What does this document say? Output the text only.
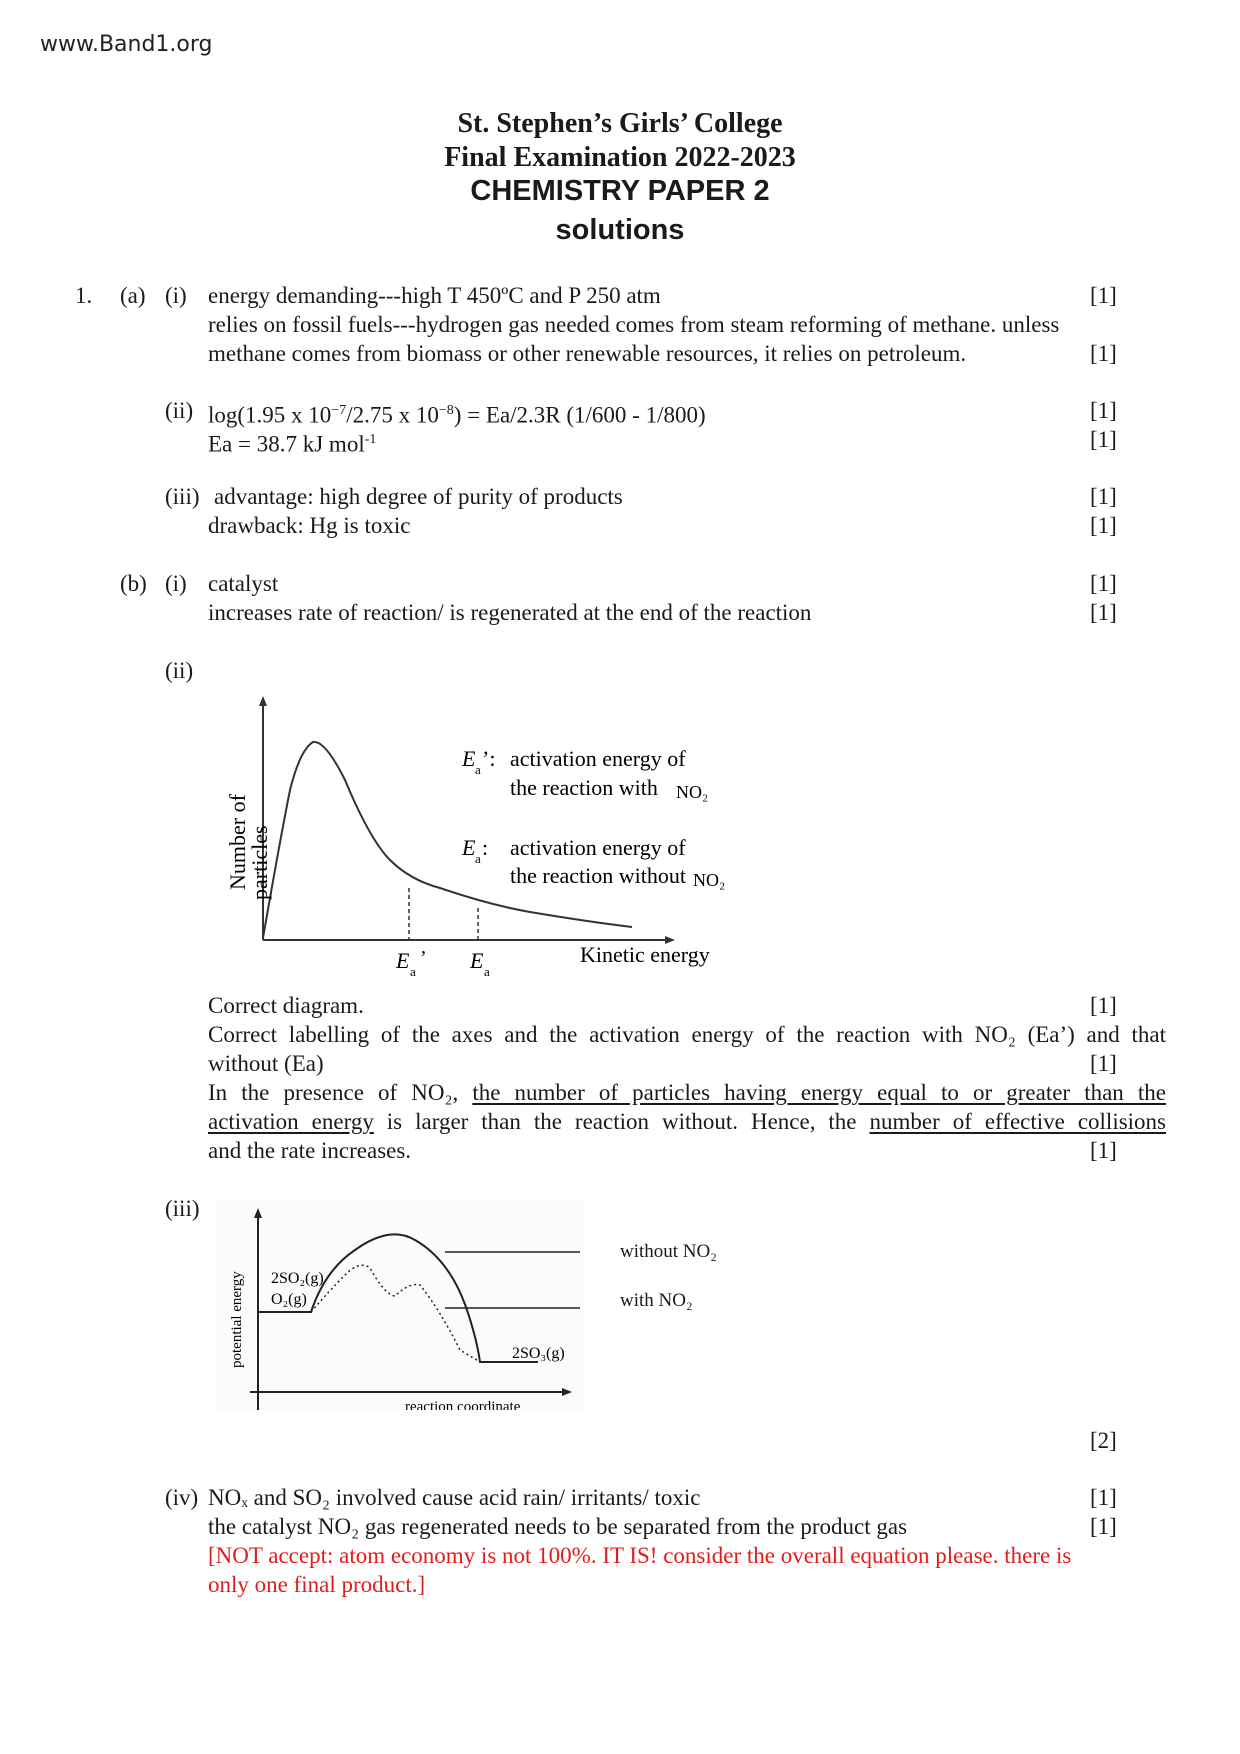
www.Band1.org
St. Stephen’s Girls’ College
Final Examination 2022-2023
CHEMISTRY PAPER 2
solutions
1. (a) (i) energy demanding---high T 450ºC and P 250 atm	[1]
relies on fossil fuels---hydrogen gas needed comes from steam reforming of methane. unless
methane comes from biomass or other renewable resources, it relies on petroleum.	[1]
(ii) log(1.95 x $10^{-7}/2.75$ x $10^{-8}) = Ea/2.3R$ (1/600 - 1/800)	[1]
Ea = 38.7 kJ mol$^{-1}$	[1]
(iii) advantage: high degree of purity of products	[1]
drawback: Hg is toxic	[1]
(b) (i) catalyst	[1]
increases rate of reaction/ is regenerated at the end of the reaction	[1]
(ii)
Number of
particles
E a
’ E a
Kinetic energy
E a ’: activation energy of
the reaction with NO₂
E a : activation energy of
the reaction without NO₂
Correct diagram.	[1]
Correct labelling of the axes and the activation energy of the reaction with NO₂ (Ea’) and that
without (Ea)	[1]
In the presence of NO₂, the number of particles having energy equal to or greater than the
activation energy is larger than the reaction without. Hence, the number of effective collisions
and the rate increases.	[1]
(iii)
potential energy 2SO₂(g)
O₂(g)
2SO₃(g)
reaction coordinate
without NO₂
with NO₂
[2]
(iv) NOₓ and SO₂ involved cause acid rain/ irritants/ toxic	[1]
the catalyst NO₂ gas regenerated needs to be separated from the product gas	[1]
[NOT accept: atom economy is not 100%. IT IS! consider the overall equation please. there is
only one final product.]
